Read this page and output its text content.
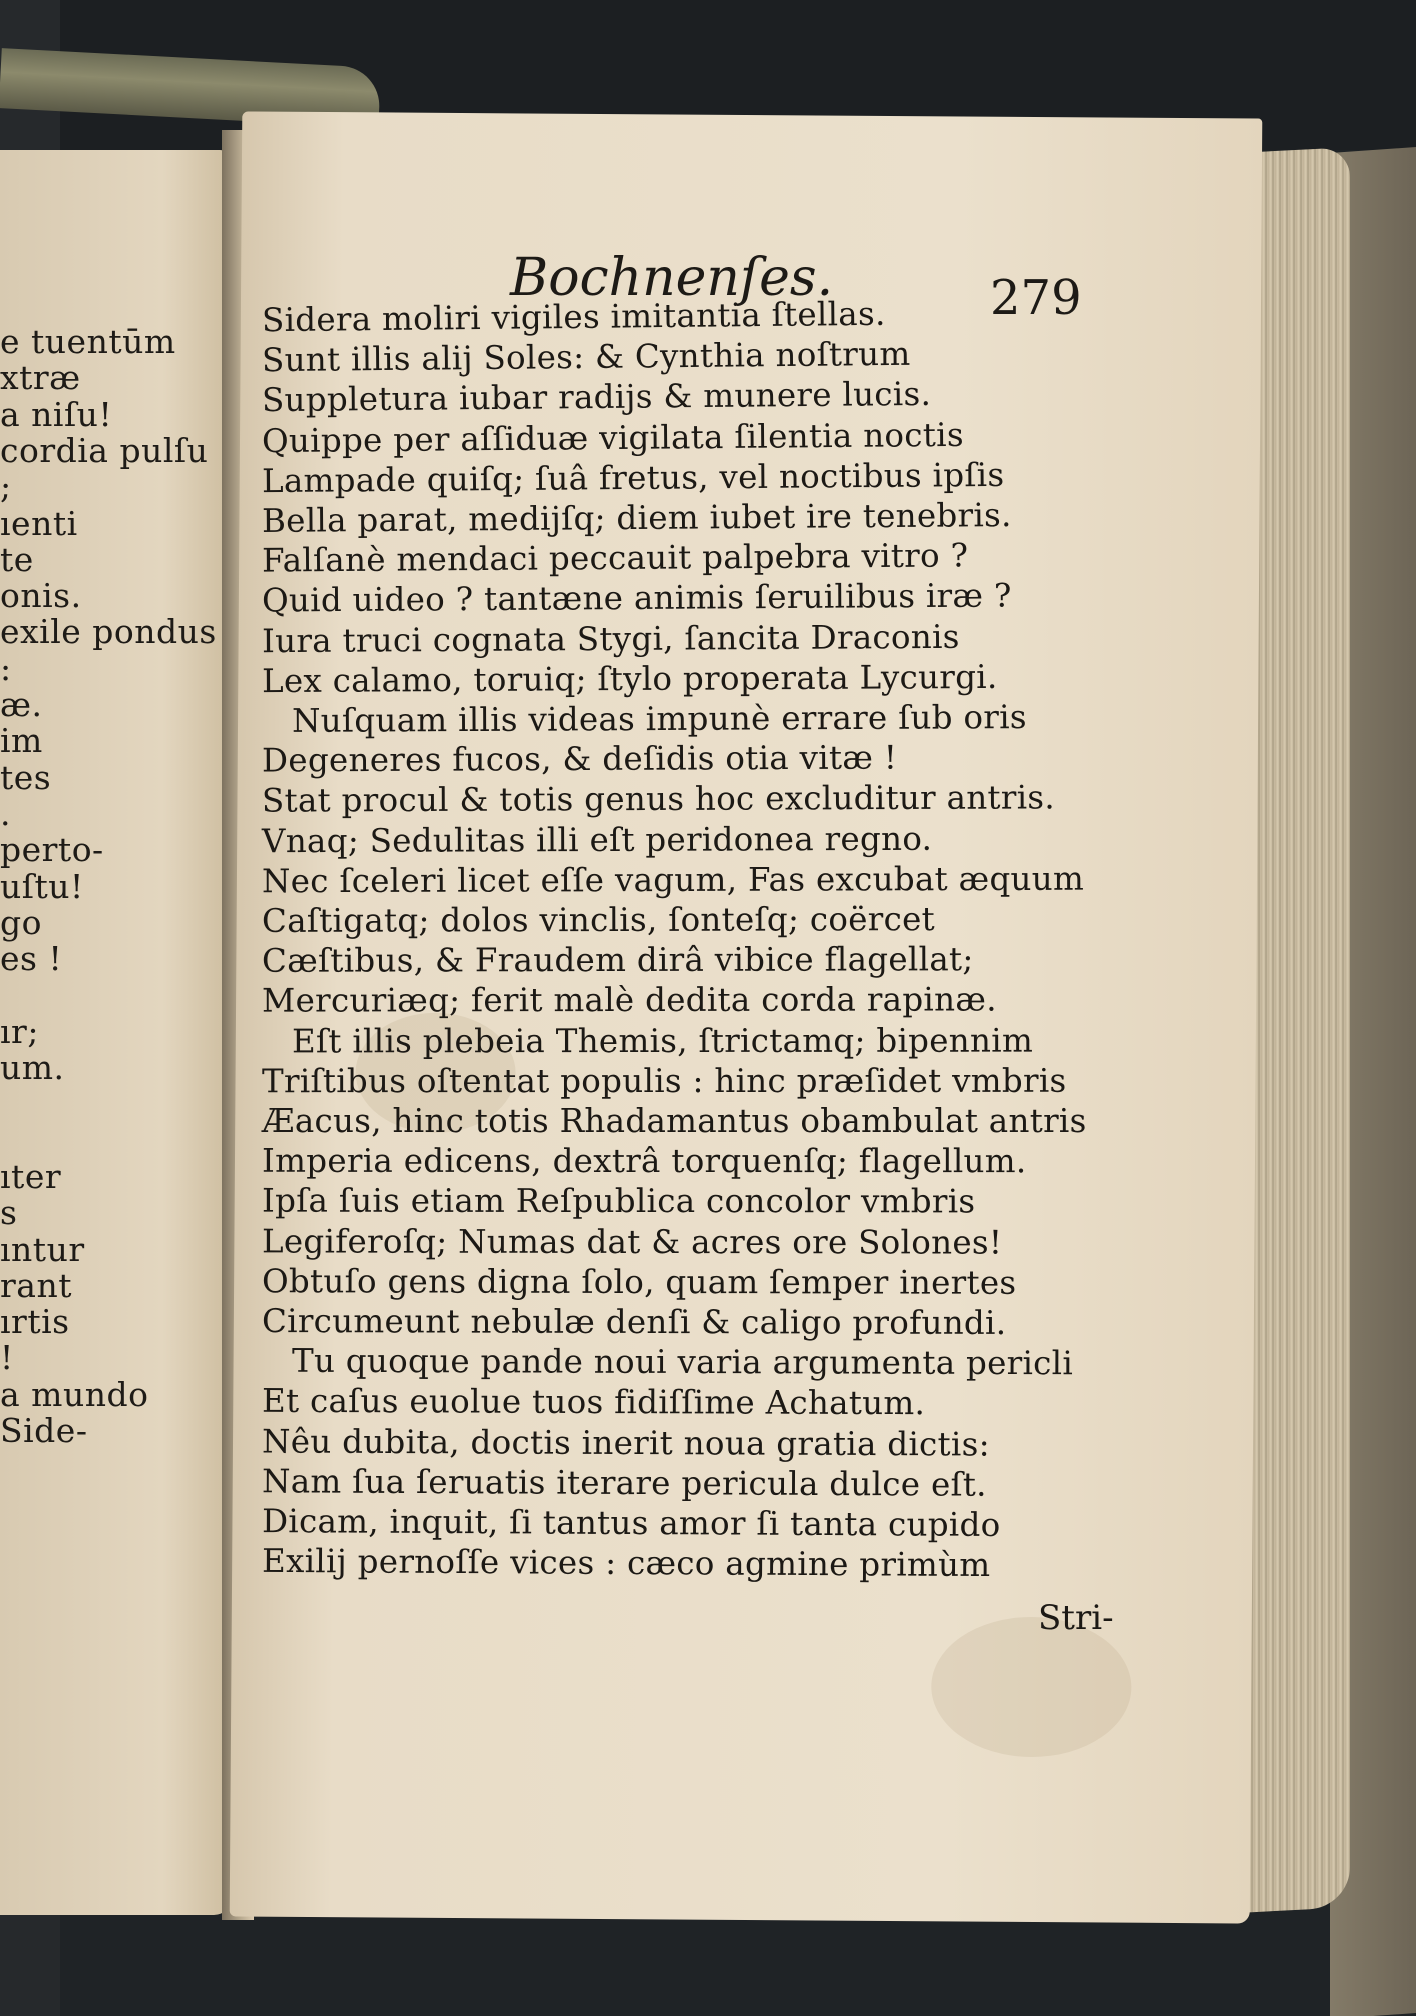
e tuentūm
xtræ
a niſu!
cordia pulſu
;
ıenti
te
onis.
exile pondus
:
æ.
im
tes
.
perto-
uſtu!
go
es !
ır;
um.
ıter
s
ıntur
rant
ırtis
!
a mundo
Side-
Bochnenſes.	279
Sidera moliri vigiles imitantia ſtellas.
Sunt illis alij Soles: & Cynthia noſtrum
Suppletura iubar radijs & munere lucis.
Quippe per aſſiduæ vigilata ſilentia noctis
Lampade quiſq; ſuâ fretus, vel noctibus ipſis
Bella parat, medijſq; diem iubet ire tenebris.
Falſanè mendaci peccauit palpebra vitro ?
Quid uideo ? tantæne animis ſeruilibus iræ ?
Iura truci cognata Stygi, ſancita Draconis
Lex calamo, toruiq; ſtylo properata Lycurgi.
Nuſquam illis videas impunè errare ſub oris
Degeneres fucos, & deſidis otia vitæ !
Stat procul & totis genus hoc excluditur antris.
Vnaq; Sedulitas illi eſt peridonea regno.
Nec ſceleri licet eſſe vagum, Fas excubat æquum
Caſtigatq; dolos vinclis, ſonteſq; coërcet
Cæſtibus, & Fraudem dirâ vibice flagellat;
Mercuriæq; ferit malè dedita corda rapinæ.
Eſt illis plebeia Themis, ſtrictamq; bipennim
Triſtibus oſtentat populis : hinc præſidet vmbris
Æacus, hinc totis Rhadamantus obambulat antris
Imperia edicens, dextrâ torquenſq; flagellum.
Ipſa ſuis etiam Reſpublica concolor vmbris
Legiferoſq; Numas dat & acres ore Solones!
Obtuſo gens digna ſolo, quam ſemper inertes
Circumeunt nebulæ denſi & caligo profundi.
Tu quoque pande noui varia argumenta pericli
Et caſus euolue tuos fidiſſime Achatum.
Nêu dubita, doctis inerit noua gratia dictis:
Nam ſua ſeruatis iterare pericula dulce eſt.
Dicam, inquit, ſi tantus amor ſi tanta cupido
Exilij pernoſſe vices : cæco agmine primùm
Stri-
